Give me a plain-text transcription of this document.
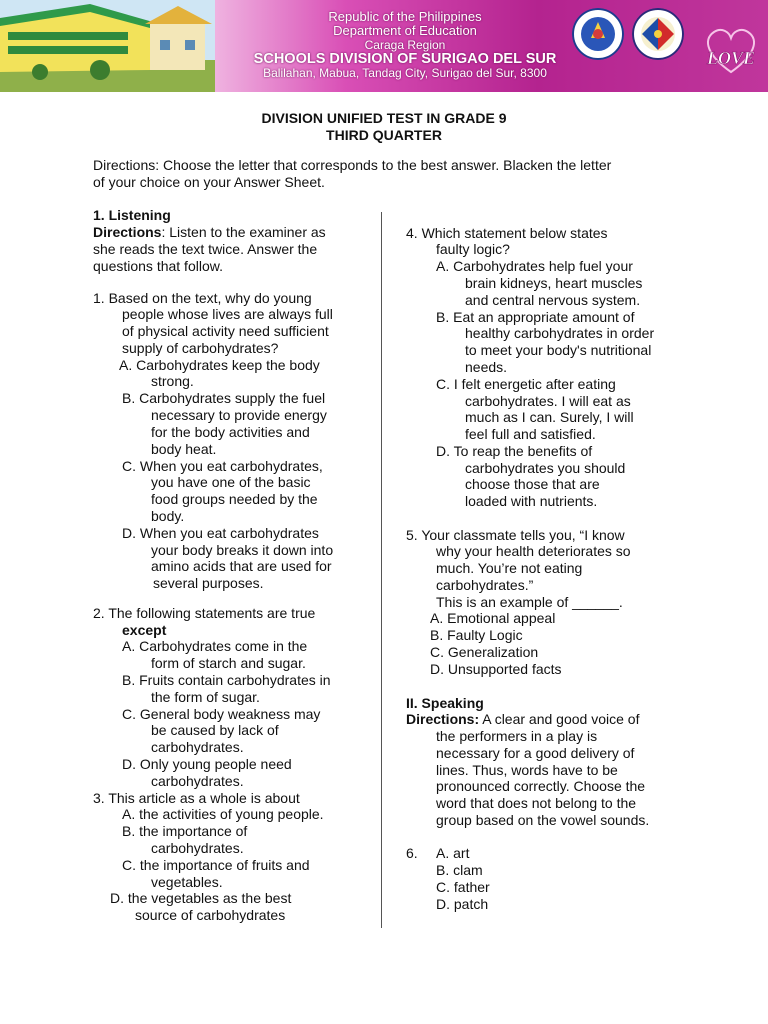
Republic of the Philippines
Department of Education
Caraga Region
SCHOOLS DIVISION OF SURIGAO DEL SUR
Balilahan, Mabua, Tandag City, Surigao del Sur, 8300
LOVE
DIVISION UNIFIED TEST IN GRADE 9
THIRD QUARTER
Directions: Choose the letter that corresponds to the best answer. Blacken the letter
of your choice on your Answer Sheet.
1. Listening
Directions: Listen to the examiner as
she reads the text twice. Answer the
questions that follow.
1. Based on the text, why do young
people whose lives are always full
of physical activity need sufficient
supply of carbohydrates?
A. Carbohydrates keep the body
strong.
B. Carbohydrates supply the fuel
necessary to provide energy
for the body activities and
body heat.
C. When you eat carbohydrates,
you have one of the basic
food groups needed by the
body.
D. When you eat carbohydrates
your body breaks it down into
amino acids that are used for
several purposes.
2. The following statements are true
except
A. Carbohydrates come in the
form of starch and sugar.
B. Fruits contain carbohydrates in
the form of sugar.
C. General body weakness may
be caused by lack of
carbohydrates.
D. Only young people need
carbohydrates.
3. This article as a whole is about
A. the activities of young people.
B. the importance of
carbohydrates.
C. the importance of fruits and
vegetables.
D. the vegetables as the best
source of carbohydrates
4. Which statement below states
faulty logic?
A. Carbohydrates help fuel your
brain kidneys, heart muscles
and central nervous system.
B. Eat an appropriate amount of
healthy carbohydrates in order
to meet your body's nutritional
needs.
C. I felt energetic after eating
carbohydrates. I will eat as
much as I can. Surely, I will
feel full and satisfied.
D. To reap the benefits of
carbohydrates you should
choose those that are
loaded with nutrients.
5. Your classmate tells you, “I know
why your health deteriorates so
much. You’re not eating
carbohydrates.”
This is an example of ______.
A. Emotional appeal
B. Faulty Logic
C. Generalization
D. Unsupported facts
II. Speaking
Directions: A clear and good voice of
the performers in a play is
necessary for a good delivery of
lines. Thus, words have to be
pronounced correctly. Choose the
word that does not belong to the
group based on the vowel sounds.
6. A. art
B. clam
C. father
D. patch
